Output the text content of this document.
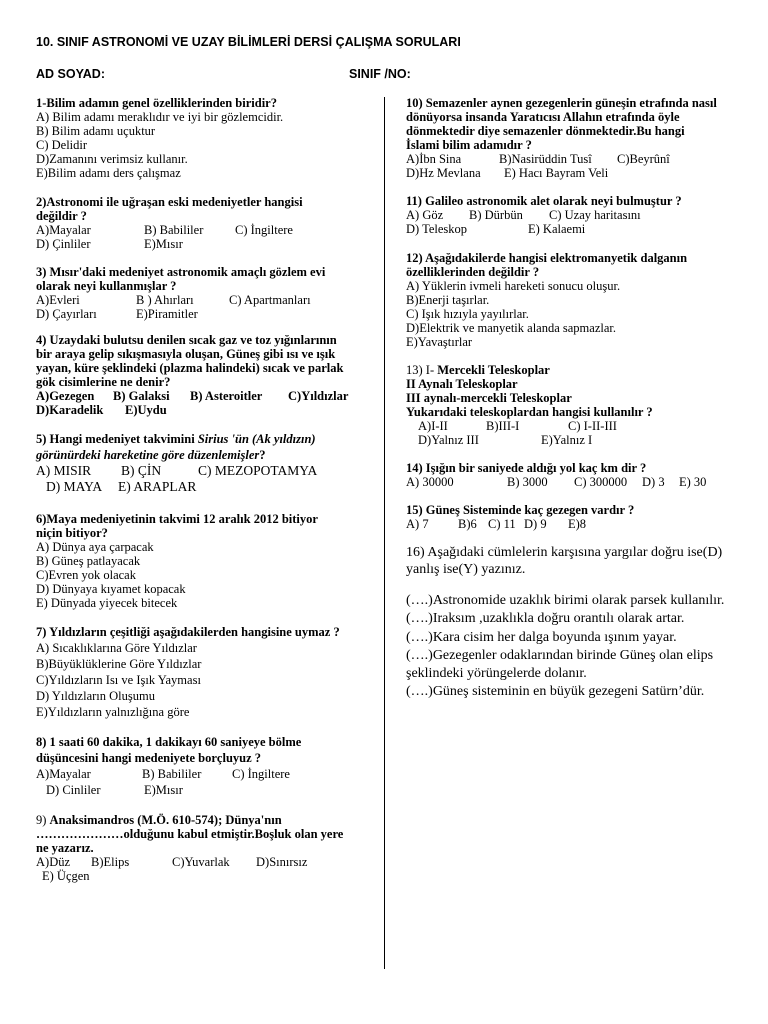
10. SINIF ASTRONOMİ VE UZAY BİLİMLERİ DERSİ ÇALIŞMA SORULARI
AD SOYAD:	SINIF /NO:
1-Bilim adamın genel özelliklerinden biridir?
A) Bilim adamı meraklıdır ve iyi bir gözlemcidir.
B) Bilim adamı uçuktur
C) Delidir
D)Zamanını verimsiz kullanır.
E)Bilim adamı ders çalışmaz
2)Astronomi ile uğraşan eski medeniyetler hangisi
değildir ?
A)Mayalar	B) Babililer	C) İngiltere
D) Çinliler	E)Mısır
3) Mısır'daki medeniyet astronomik amaçlı gözlem evi
olarak neyi kullanmışlar ?
A)Evleri	B ) Ahırları	C) Apartmanları
D) Çayırları	E)Piramitler
4) Uzaydaki bulutsu denilen sıcak gaz ve toz yığınlarının
bir araya gelip sıkışmasıyla oluşan, Güneş gibi ısı ve ışık
yayan, küre şeklindeki (plazma halindeki) sıcak ve parlak
gök cisimlerine ne denir?
A)Gezegen B) Galaksi B) Asteroitler C)Yıldızlar
D)Karadelik E)Uydu
5) Hangi medeniyet takvimini Sirius 'ün (Ak yıldızın)
görünürdeki hareketine göre düzenlemişler?
A) MISIR B) ÇİN	C) MEZOPOTAMYA
D) MAYA E) ARAPLAR
6)Maya medeniyetinin takvimi 12 aralık 2012 bitiyor
niçin bitiyor?
A) Dünya aya çarpacak
B) Güneş patlayacak
C)Evren yok olacak
D) Dünyaya kıyamet kopacak
E) Dünyada yiyecek bitecek
7) Yıldızların çeşitliği aşağıdakilerden hangisine uymaz ?
A) Sıcaklıklarına Göre Yıldızlar
B)Büyüklüklerine Göre Yıldızlar
C)Yıldızların Isı ve Işık Yayması
D) Yıldızların Oluşumu
E)Yıldızların yalnızlığına göre
8) 1 saati 60 dakika, 1 dakikayı 60 saniyeye bölme
düşüncesini hangi medeniyete borçluyuz ?
A)Mayalar	B) Babililer C) İngiltere
D) Cinliler	E)Mısır
9) Anaksimandros (M.Ö. 610-574); Dünya'nın
…………………olduğunu kabul etmiştir.Boşluk olan yere
ne yazarız.
A)Düz B)Elips	C)Yuvarlak D)Sınırsız
E) Üçgen
10) Semazenler aynen gezegenlerin güneşin etrafında nasıl
dönüyorsa insanda Yaratıcısı Allahın etrafında öyle
dönmektedir diye semazenler dönmektedir.Bu hangi
İslami bilim adamıdır ?
A)İbn Sina	B)Nasirüddin Tusî C)Beyrûnî
D)Hz Mevlana E) Hacı Bayram Veli
11) Galileo astronomik alet olarak neyi bulmuştur ?
A) Göz B) Dürbün C) Uzay haritasını
D) Teleskop	E) Kalaemi
12) Aşağıdakilerde hangisi elektromanyetik dalganın
özelliklerinden değildir ?
A) Yüklerin ivmeli hareketi sonucu oluşur.
B)Enerji taşırlar.
C) Işık hızıyla yayılırlar.
D)Elektrik ve manyetik alanda sapmazlar.
E)Yavaştırlar
13) I- Mercekli Teleskoplar
II Aynalı Teleskoplar
III aynalı-mercekli Teleskoplar
Yukarıdaki teleskoplardan hangisi kullanılır ?
A)I-II	B)III-I	C) I-II-III
D)Yalnız III	E)Yalnız I
14) Işığın bir saniyede aldığı yol kaç km dir ?
A) 30000	B) 3000 C) 300000 D) 3 E) 30
15) Güneş Sisteminde kaç gezegen vardır ?
A) 7 B)6 C) 11 D) 9 E)8
16) Aşağıdaki cümlelerin karşısına yargılar doğru ise(D)
yanlış ise(Y) yazınız.
(….)Astronomide uzaklık birimi olarak parsek kullanılır.
(….)Iraksım ,uzaklıkla doğru orantılı olarak artar.
(….)Kara cisim her dalga boyunda ışınım yayar.
(….)Gezegenler odaklarından birinde Güneş olan elips
şeklindeki yörüngelerde dolanır.
(….)Güneş sisteminin en büyük gezegeni Satürn’dür.
